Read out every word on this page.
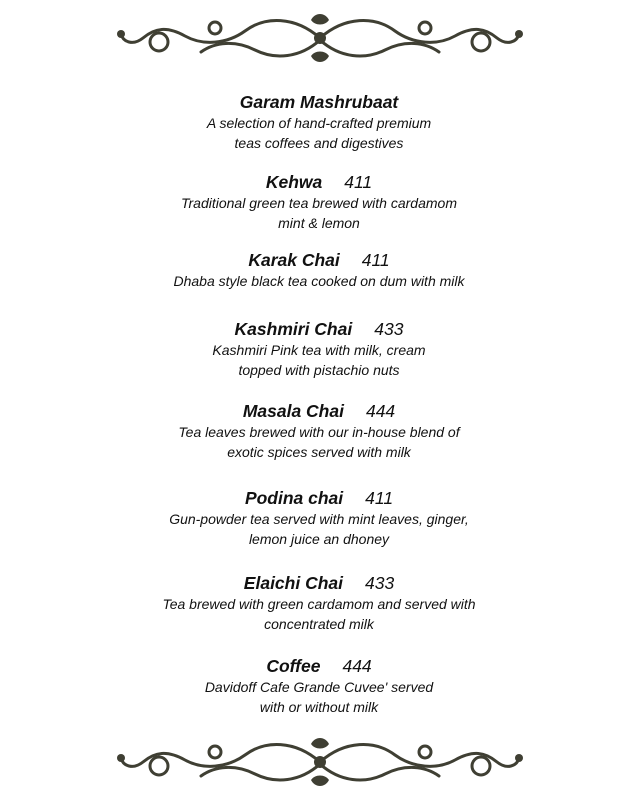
Garam Mashrubaat
A selection of hand-crafted premium
teas coffees and digestives
Kehwa 411
Traditional green tea brewed with cardamom
mint & lemon
Karak Chai 411
Dhaba style black tea cooked on dum with milk
Kashmiri Chai 433
Kashmiri Pink tea with milk, cream
topped with pistachio nuts
Masala Chai 444
Tea leaves brewed with our in-house blend of
exotic spices served with milk
Podina chai 411
Gun-powder tea served with mint leaves, ginger,
lemon juice an dhoney
Elaichi Chai 433
Tea brewed with green cardamom and served with
concentrated milk
Coffee 444
Davidoff Cafe Grande Cuvee' served
with or without milk
